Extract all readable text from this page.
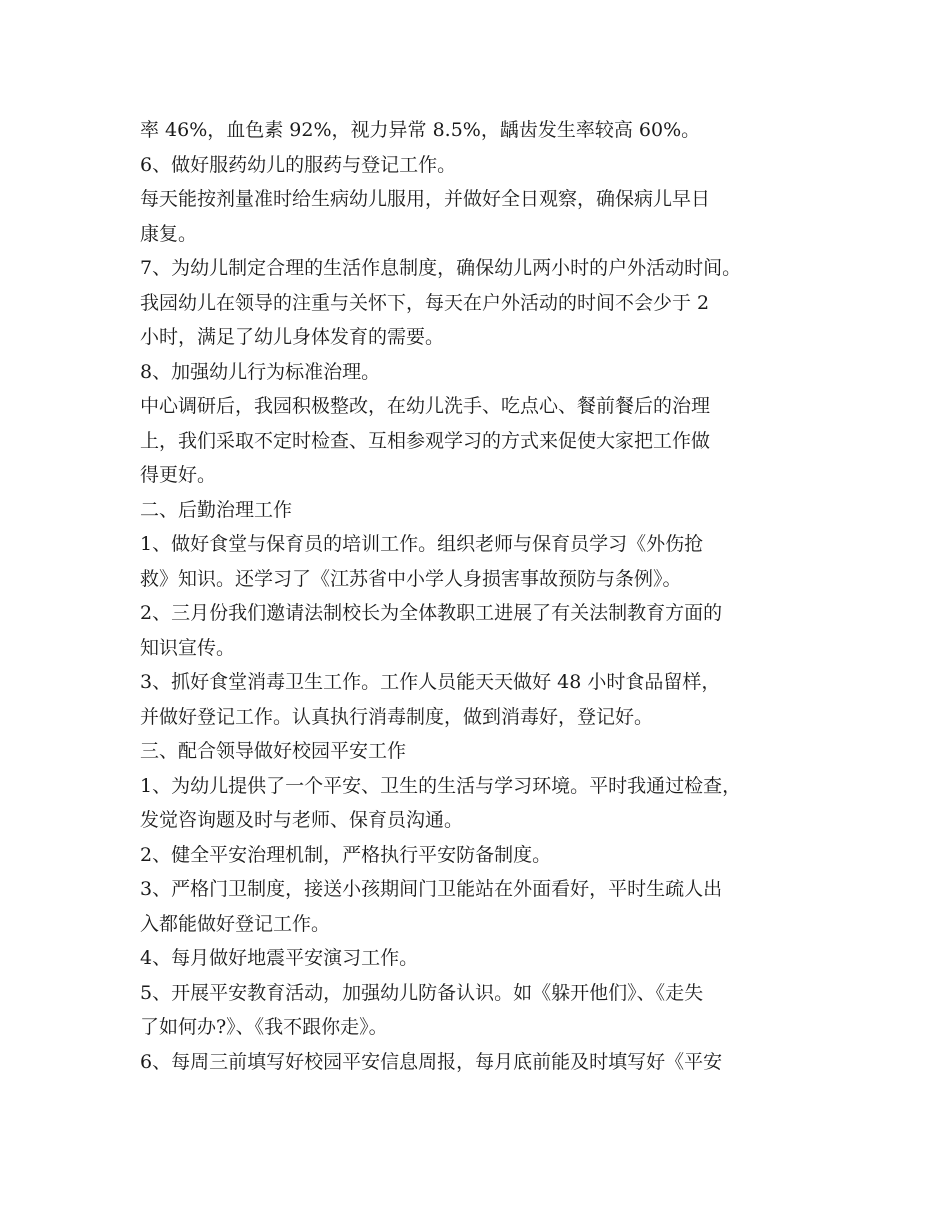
率 46%，血色素 92%，视力异常 8.5%，龋齿发生率较高 60%。
6、做好服药幼儿的服药与登记工作。
每天能按剂量准时给生病幼儿服用，并做好全日观察，确保病儿早日
康复。
7、为幼儿制定合理的生活作息制度，确保幼儿两小时的户外活动时间。
我园幼儿在领导的注重与关怀下，每天在户外活动的时间不会少于 2
小时，满足了幼儿身体发育的需要。
8、加强幼儿行为标准治理。
中心调研后，我园积极整改，在幼儿洗手、吃点心、餐前餐后的治理
上，我们采取不定时检查、互相参观学习的方式来促使大家把工作做
得更好。
二、后勤治理工作
1、做好食堂与保育员的培训工作。组织老师与保育员学习《外伤抢
救》知识。还学习了《江苏省中小学人身损害事故预防与条例》。
2、三月份我们邀请法制校长为全体教职工进展了有关法制教育方面的
知识宣传。
3、抓好食堂消毒卫生工作。工作人员能天天做好 48 小时食品留样，
并做好登记工作。认真执行消毒制度，做到消毒好，登记好。
三、配合领导做好校园平安工作
1、为幼儿提供了一个平安、卫生的生活与学习环境。平时我通过检查，
发觉咨询题及时与老师、保育员沟通。
2、健全平安治理机制，严格执行平安防备制度。
3、严格门卫制度，接送小孩期间门卫能站在外面看好，平时生疏人出
入都能做好登记工作。
4、每月做好地震平安演习工作。
5、开展平安教育活动，加强幼儿防备认识。如《躲开他们》、《走失
了如何办?》、《我不跟你走》。
6、每周三前填写好校园平安信息周报，每月底前能及时填写好《平安
